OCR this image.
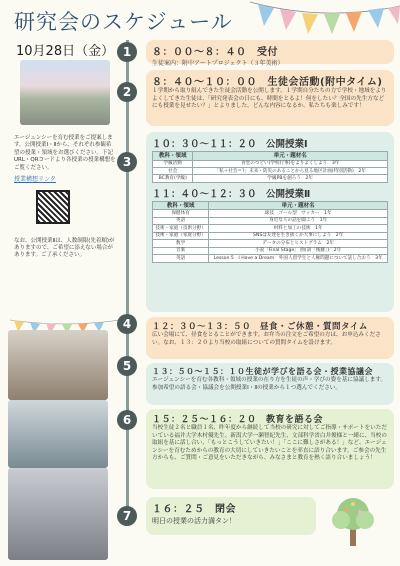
研究会のスケジュール
10月28日（金）
エージェンシーを育む授業をご提案します。公開授業Ⅰ・Ⅱから、それぞれ参観希望の授業・領域をお選びください。下記URL・QRコードより各授業の授業構想をご覧ください。
授業構想リンク
なお、公開授業Ⅱは、人数制限(先着順)がありますので、ご希望に添えない場合があります。ご了承ください。
1	８：００～８：４０　受付
生徒案内：附中アートプロジェクト（３年美術）
2
８：４０～１０：００　生徒会活動(附中タイム)
１学期から取り組んできた生徒会活動を公開します。１学期自分たちの力で学校・地域をよりよくしてきた生徒は、「研究発表会の日にも、時間をとるよ！何をしたい？全国の先生方などにも授業を見せたい？」とよりました。どんな内容になるか、私たちも楽しみです！
3
１０：３０～１１：２０　公開授業Ⅰ
教科・領域	単元・題材名
学級活動	食堂のつどい(学校行事)をよりよくしよう　3年
社会	「私＋社会＝?」未来・防災のあることから見る地区計画(特別活動)　2年
BC教育(学級)	学級PBを創ろう　2年
１１：４０～１２：３０　公開授業Ⅱ
教科・領域	単元・題材名
保健体育	球技　ゴール型　サッカー　1年
英語	身近な人の話を聞こう　1年
技術・家庭（技術分野）	材料と加工の技術　1年
技術・家庭（家庭分野）	SNSは友達を生き抜くか大事にしよう　2年
数学	データの分布とヒストグラム　2年
音楽	小説「Final Stage」 曲(詞「後藤」)　2年
英語	Lesson 5　I Have a Dream　外国人留学生と人権問題について話し合おう　3年
4	１２：３０～１３：５０　昼食・ご休憩・質問タイム
広い会場にて、昼食をとることができます。お弁当の注文をご希望の方は、お申込みください。なお、１３：２０より当校の取組についての質問タイムを設けます。
5	１３：５０～１５：１０生徒が学びを語る会・授業協議会
エージェンシーを育む各教科・領域の授業の在り方を生徒の声・学びの姿を基に協議します。参加希望の語る会・協議会を公開授業Ⅰ・Ⅱの授業から１つ選んでください。
6	１５：２５～１６：２０　教育を語る会
当校生徒２名と職員１名、昨年度から継続して当校の研究に対してご指導・サポートをいただいている福井大学木村優先生、新潟大学一瀬智紀先生、文部科学省白井俊様と一緒に、当校の取組を基に話し合い、「もっとこうしていきたい！」「ここに難しさがある！」など、エージェンシーを育むためからの教育の大切にしていきたいことを率直に語り合います。ご参会の先生方からも、ご質問・ご意見をいただきながら、みなさまと教育を熱く語り合いましょう！
7	１６：２５　閉会
明日の授業の活力満タン！
